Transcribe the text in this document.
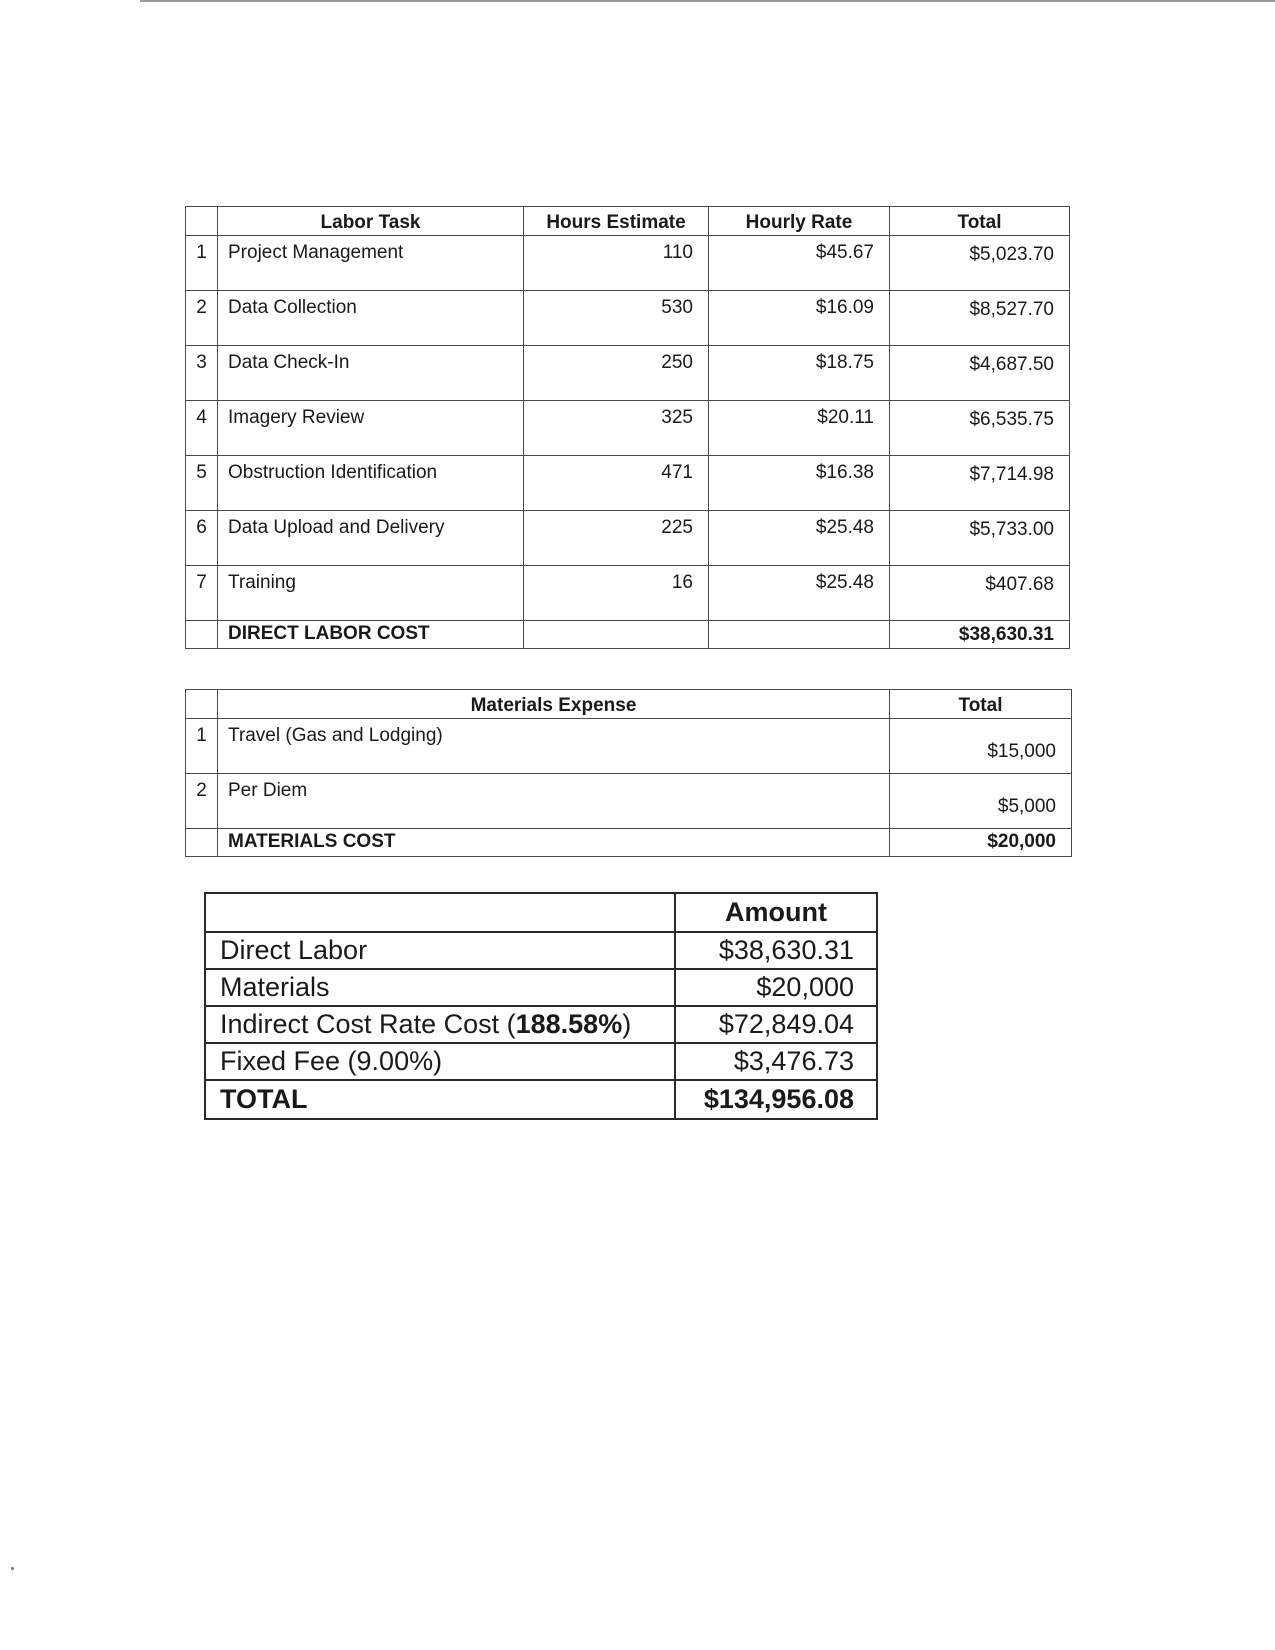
	Labor Task	Hours Estimate	Hourly Rate	Total
1	Project Management	110	$45.67	$5,023.70
2	Data Collection	530	$16.09	$8,527.70
3	Data Check-In	250	$18.75	$4,687.50
4	Imagery Review	325	$20.11	$6,535.75
5	Obstruction Identification	471	$16.38	$7,714.98
6	Data Upload and Delivery	225	$25.48	$5,733.00
7	Training	16	$25.48	$407.68
	DIRECT LABOR COST			$38,630.31
	Materials Expense	Total
1	Travel (Gas and Lodging)	$15,000
2	Per Diem	$5,000
	MATERIALS COST	$20,000
	Amount
Direct Labor	$38,630.31
Materials	$20,000
Indirect Cost Rate Cost (188.58%)	$72,849.04
Fixed Fee (9.00%)	$3,476.73
TOTAL	$134,956.08
